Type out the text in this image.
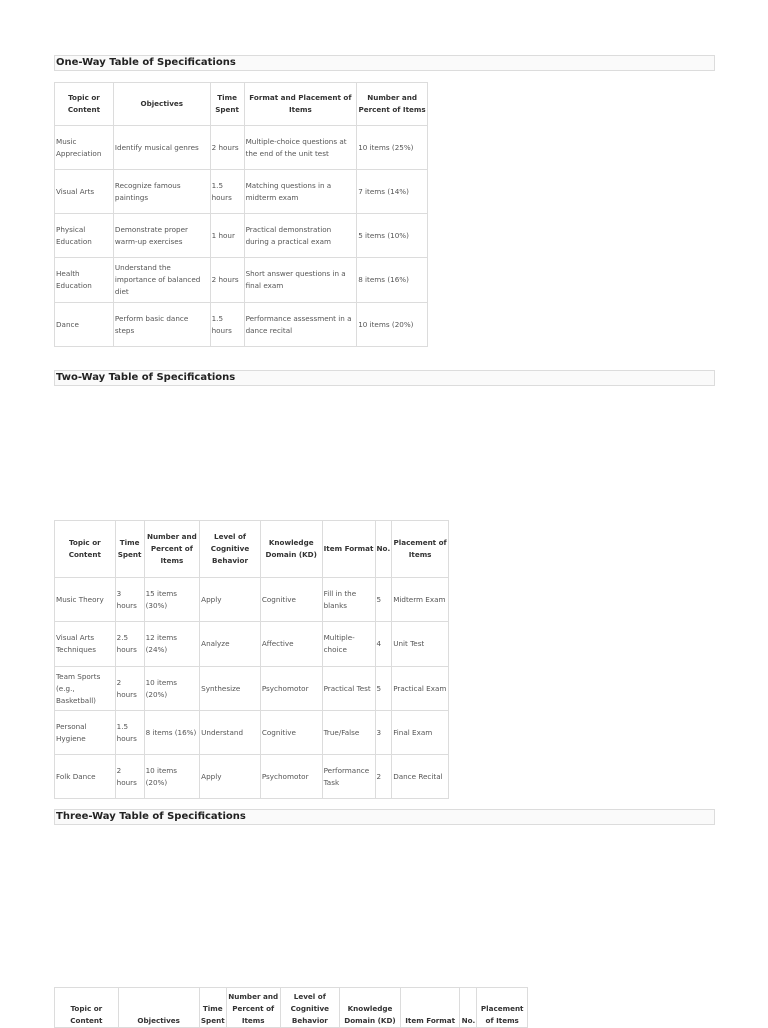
One-Way Table of Specifications
Topic or Content	Objectives	Time Spent	Format and Placement of Items	Number and Percent of Items
Music Appreciation	Identify musical genres	2 hours	Multiple-choice questions at the end of the unit test	10 items (25%)
Visual Arts	Recognize famous paintings	1.5 hours	Matching questions in a midterm exam	7 items (14%)
Physical Education	Demonstrate proper warm-up exercises	1 hour	Practical demonstration during a practical exam	5 items (10%)
Health Education	Understand the importance of balanced diet	2 hours	Short answer questions in a final exam	8 items (16%)
Dance	Perform basic dance steps	1.5 hours	Performance assessment in a dance recital	10 items (20%)
Two-Way Table of Specifications
Topic or Content	Time Spent	Number and Percent of Items	Level of Cognitive Behavior	Knowledge Domain (KD)	Item Format	No.	Placement of Items
Music Theory	3 hours	15 items (30%)	Apply	Cognitive	Fill in the blanks	5	Midterm Exam
Visual Arts Techniques	2.5 hours	12 items (24%)	Analyze	Affective	Multiple-choice	4	Unit Test
Team Sports (e.g., Basketball)	2 hours	10 items (20%)	Synthesize	Psychomotor	Practical Test	5	Practical Exam
Personal Hygiene	1.5 hours	8 items (16%)	Understand	Cognitive	True/False	3	Final Exam
Folk Dance	2 hours	10 items (20%)	Apply	Psychomotor	Performance Task	2	Dance Recital
Three-Way Table of Specifications
Topic or Content	Objectives	Time Spent	Number and Percent of Items	Level of Cognitive Behavior	Knowledge Domain (KD)	Item Format	No.	Placement of Items
